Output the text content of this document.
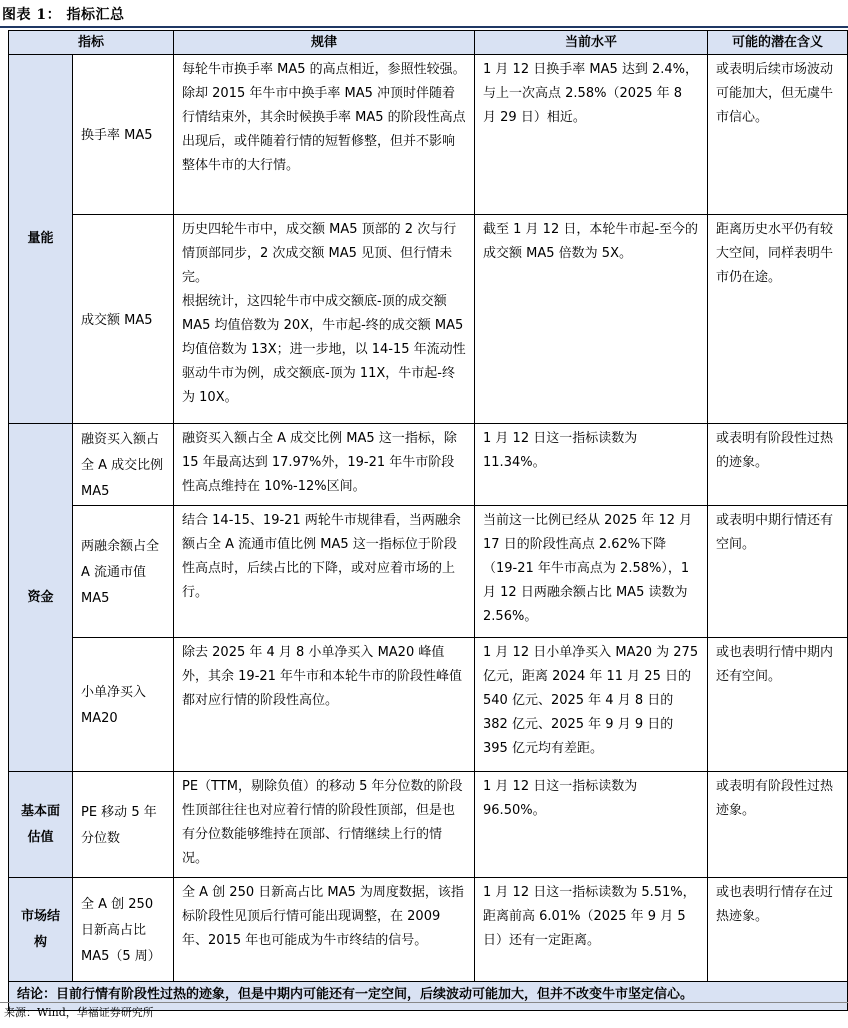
图表 1： 指标汇总
指标		规律	当前水平	可能的潜在含义
量能	换手率 MA5	每轮牛市换手率 MA5 的高点相近，参照性较强。除却 2015 年牛市中换手率 MA5 冲顶时伴随着行情结束外，其余时候换手率 MA5 的阶段性高点出现后，或伴随着行情的短暂修整，但并不影响整体牛市的大行情。	1 月 12 日换手率 MA5 达到 2.4%，与上一次高点 2.58%（2025 年 8 月 29 日）相近。	或表明后续市场波动可能加大，但无虞牛市信心。
	成交额 MA5	历史四轮牛市中，成交额 MA5 顶部的 2 次与行情顶部同步，2 次成交额 MA5 见顶、但行情未完。
根据统计，这四轮牛市中成交额底-顶的成交额 MA5 均值倍数为 20X，牛市起-终的成交额 MA5 均值倍数为 13X；进一步地，以 14-15 年流动性驱动牛市为例，成交额底-顶为 11X，牛市起-终为 10X。	截至 1 月 12 日，本轮牛市起-至今的成交额 MA5 倍数为 5X。	距离历史水平仍有较大空间，同样表明牛市仍在途。
资金	融资买入额占全 A 成交比例 MA5	融资买入额占全 A 成交比例 MA5 这一指标，除 15 年最高达到 17.97%外，19-21 年牛市阶段性高点维持在 10%-12%区间。	1 月 12 日这一指标读数为 11.34%。	或表明有阶段性过热的迹象。
	两融余额占全 A 流通市值 MA5	结合 14-15、19-21 两轮牛市规律看，当两融余额占全 A 流通市值比例 MA5 这一指标位于阶段性高点时，后续占比的下降，或对应着市场的上行。	当前这一比例已经从 2025 年 12 月 17 日的阶段性高点 2.62%下降（19-21 年牛市高点为 2.58%），1 月 12 日两融余额占比 MA5 读数为 2.56%。	或表明中期行情还有空间。
	小单净买入 MA20	除去 2025 年 4 月 8 小单净买入 MA20 峰值外，其余 19-21 年牛市和本轮牛市的阶段性峰值都对应行情的阶段性高位。	1 月 12 日小单净买入 MA20 为 275 亿元，距离 2024 年 11 月 25 日的 540 亿元、2025 年 4 月 8 日的 382 亿元、2025 年 9 月 9 日的 395 亿元均有差距。	或也表明行情中期内还有空间。
基本面估值	PE 移动 5 年分位数	PE（TTM，剔除负值）的移动 5 年分位数的阶段性顶部往往也对应着行情的阶段性顶部，但是也有分位数能够维持在顶部、行情继续上行的情况。	1 月 12 日这一指标读数为 96.50%。	或表明有阶段性过热迹象。
市场结构	全 A 创 250 日新高占比 MA5（5 周）	全 A 创 250 日新高占比 MA5 为周度数据，该指标阶段性见顶后行情可能出现调整，在 2009 年、2015 年也可能成为牛市终结的信号。	1 月 12 日这一指标读数为 5.51%，距离前高 6.01%（2025 年 9 月 5 日）还有一定距离。	或也表明行情存在过热迹象。
结论：目前行情有阶段性过热的迹象，但是中期内可能还有一定空间，后续波动可能加大，但并不改变牛市坚定信心。				
来源：Wind，华福证券研究所
